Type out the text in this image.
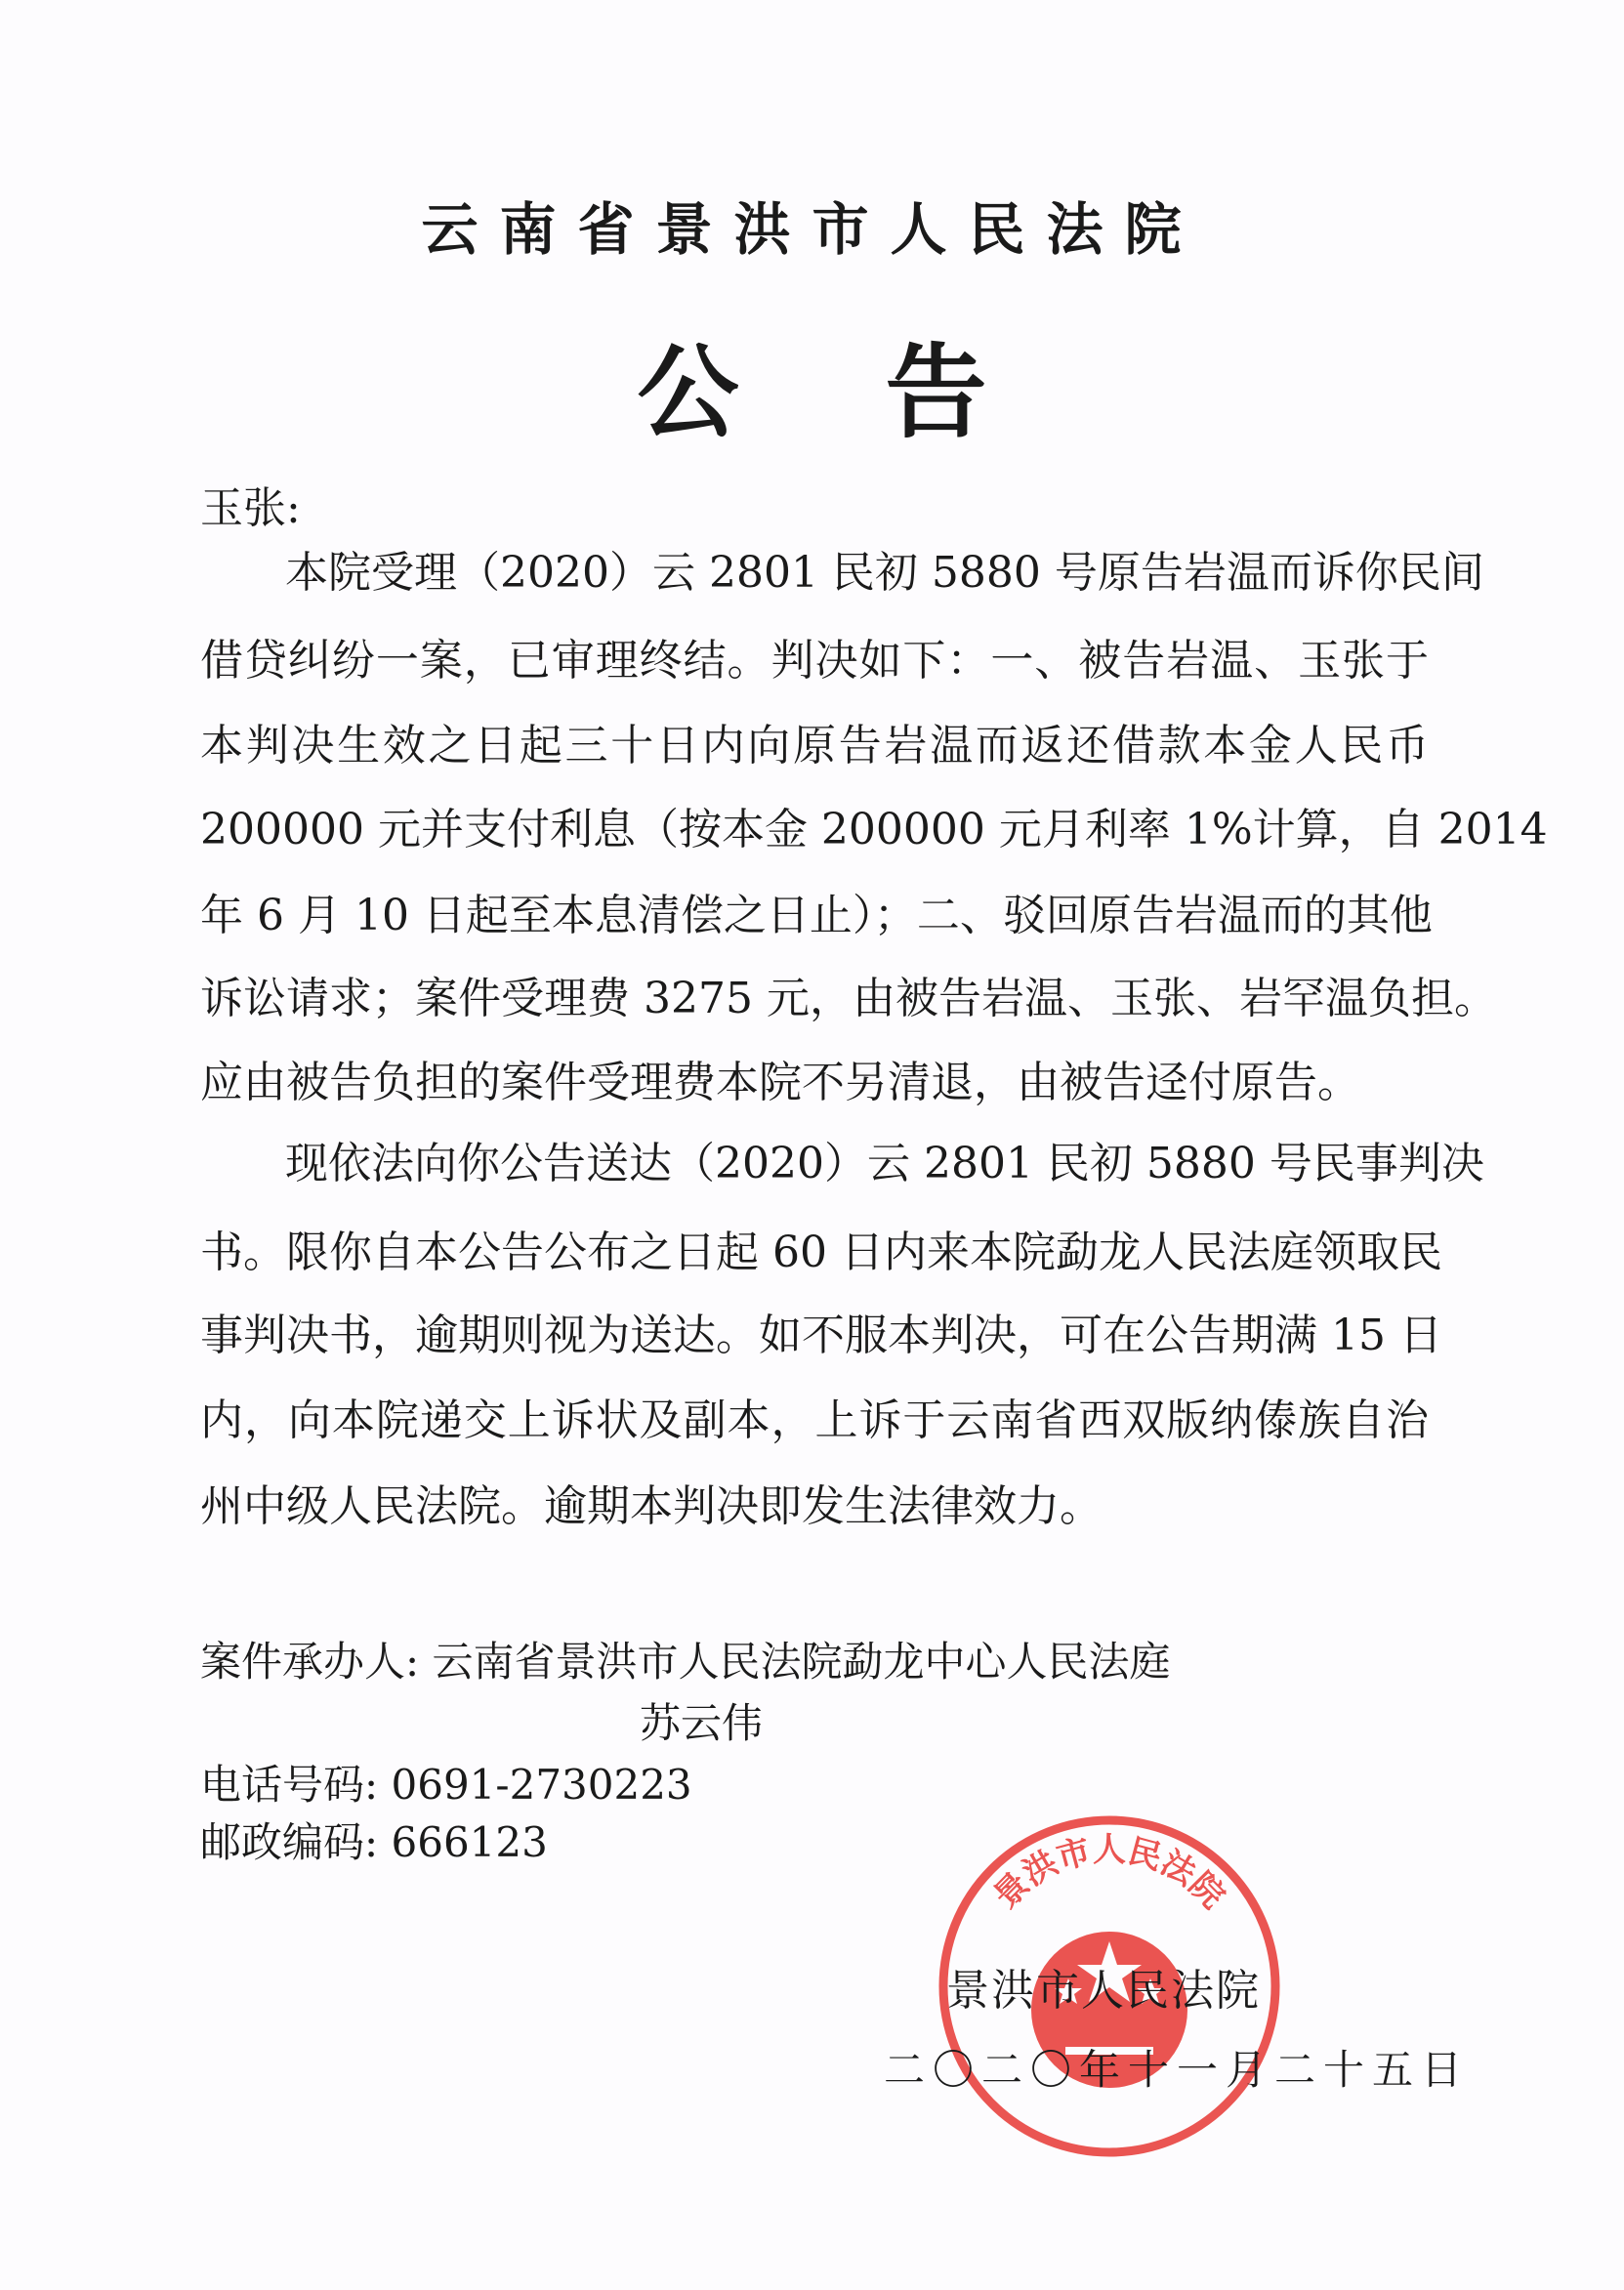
云南省景洪市人民法院
公告
玉张:
本院受理（2020）云 2801 民初 5880 号原告岩温而诉你民间
借贷纠纷一案，已审理终结。判决如下：一、被告岩温、玉张于
本判决生效之日起三十日内向原告岩温而返还借款本金人民币
200000 元并支付利息（按本金 200000 元月利率 1%计算，自 2014
年 6 月 10 日起至本息清偿之日止）；二、驳回原告岩温而的其他
诉讼请求；案件受理费 3275 元，由被告岩温、玉张、岩罕温负担。
应由被告负担的案件受理费本院不另清退，由被告迳付原告。
现依法向你公告送达（2020）云 2801 民初 5880 号民事判决
书。限你自本公告公布之日起 60 日内来本院勐龙人民法庭领取民
事判决书，逾期则视为送达。如不服本判决，可在公告期满 15 日
内，向本院递交上诉状及副本，上诉于云南省西双版纳傣族自治
州中级人民法院。逾期本判决即发生法律效力。
案件承办人: 云南省景洪市人民法院勐龙中心人民法庭
苏云伟
电话号码: 0691-2730223
邮政编码: 666123
景洪市人民法院
景洪市人民法院
二〇二〇年十一月二十五日
